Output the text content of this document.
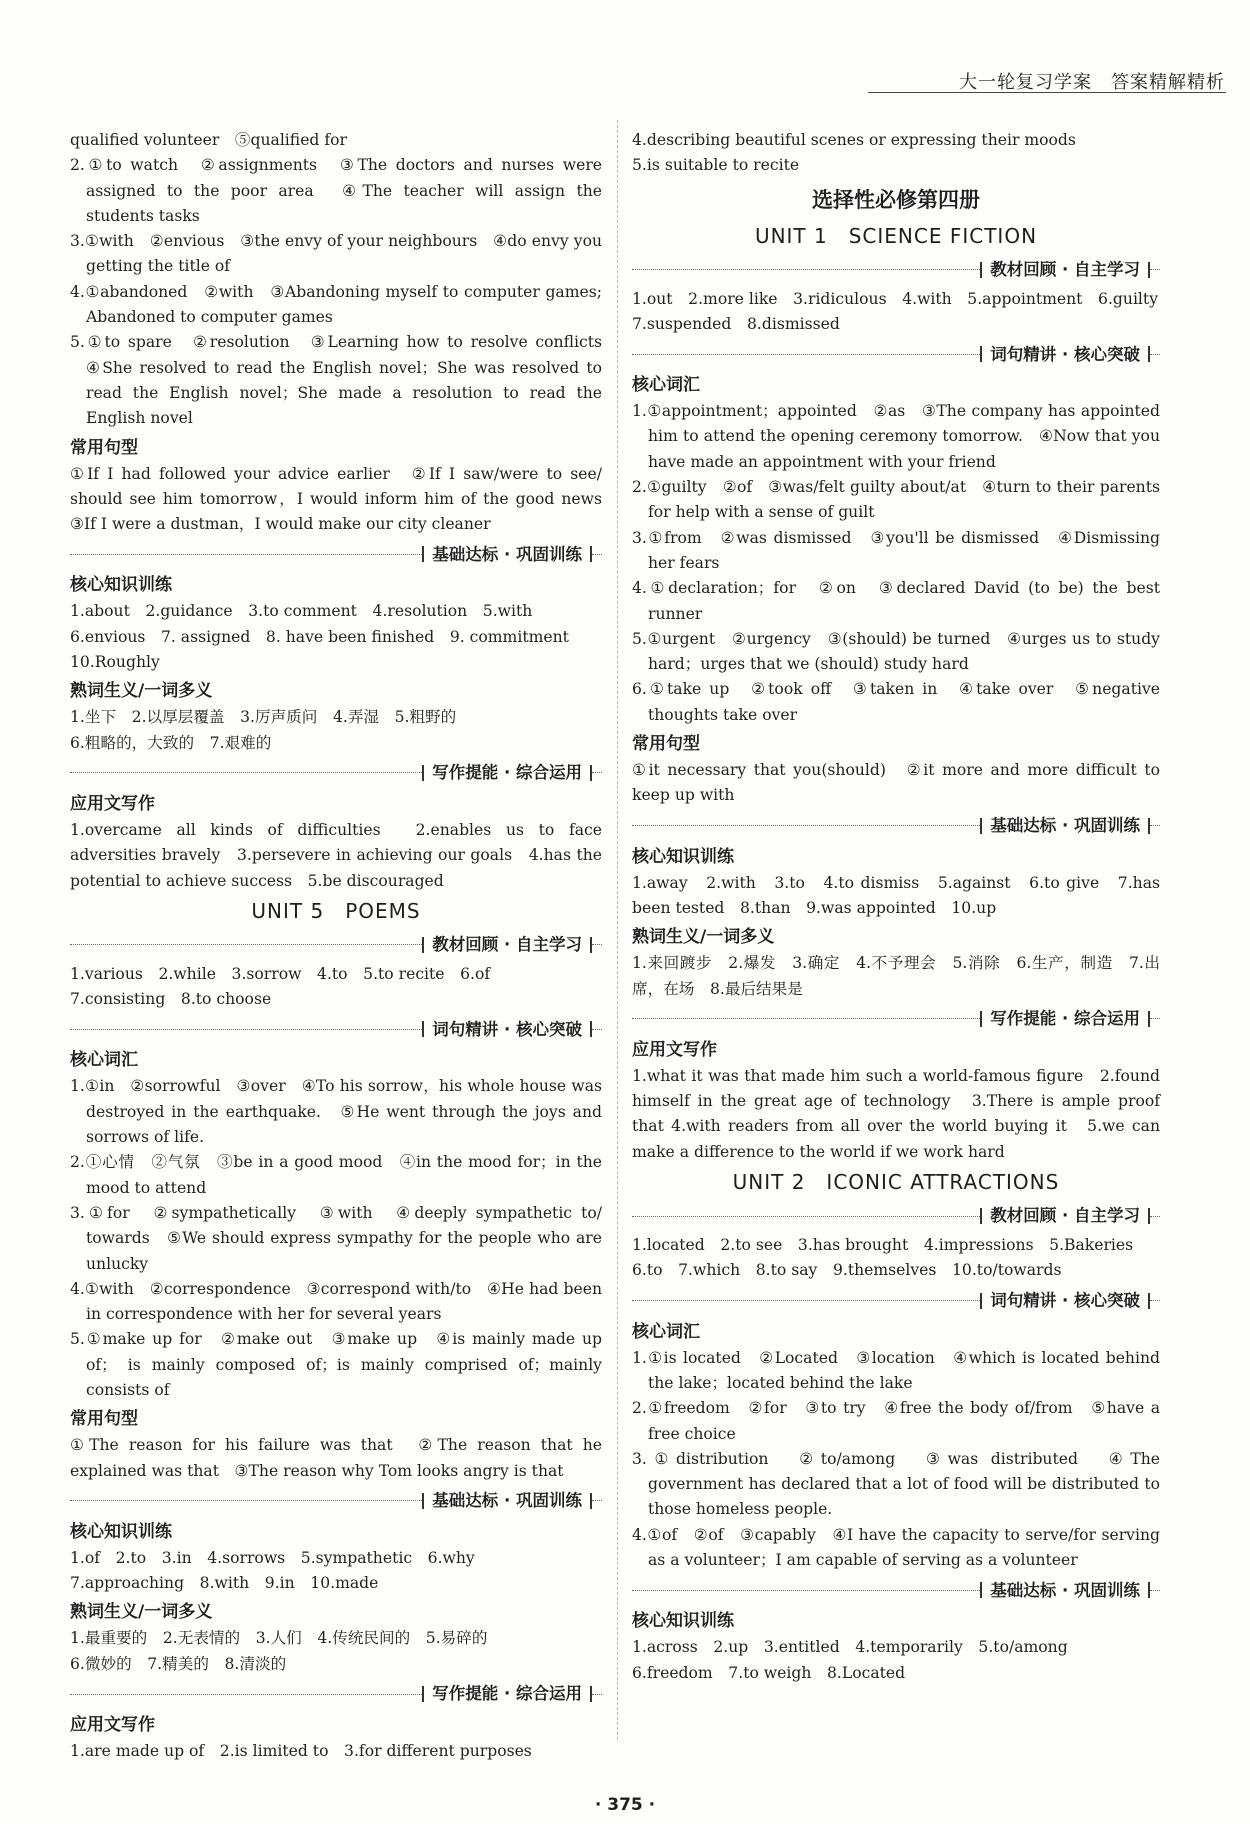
大一轮复习学案　答案精解精析
qualified volunteer　⑤qualified for
2.①to watch　②assignments　③The doctors and nurses were assigned to the poor area　④The teacher will assign the students tasks
3.①with　②envious　③the envy of your neighbours　④do envy you getting the title of
4.①abandoned　②with　③Abandoning myself to computer games; Abandoned to computer games
5.①to spare　②resolution　③Learning how to resolve conflicts　④She resolved to read the English novel；She was resolved to read the English novel；She made a resolution to read the English novel
常用句型
①If I had followed your advice earlier　②If I saw/were to see/ should see him tomorrow，I would inform him of the good news　③If I were a dustman，I would make our city cleaner
基础达标 · 巩固训练
核心知识训练
1.about　2.guidance　3.to comment　4.resolution　5.with
6.envious　7. assigned　8. have been finished　9. commitment
10.Roughly
熟词生义/一词多义
1.坐下　2.以厚层覆盖　3.厉声质问　4.弄湿　5.粗野的
6.粗略的，大致的　7.艰难的
写作提能 · 综合运用
应用文写作
1.overcame all kinds of difficulties　2.enables us to face adversities bravely　3.persevere in achieving our goals　4.has the potential to achieve success　5.be discouraged
UNIT 5　POEMS
教材回顾 · 自主学习
1.various　2.while　3.sorrow　4.to　5.to recite　6.of
7.consisting　8.to choose
词句精讲 · 核心突破
核心词汇
1.①in　②sorrowful　③over　④To his sorrow，his whole house was destroyed in the earthquake.　⑤He went through the joys and sorrows of life.
2.①心情　②气氛　③be in a good mood　④in the mood for；in the mood to attend
3.①for　②sympathetically　③with　④deeply sympathetic to/ towards　⑤We should express sympathy for the people who are unlucky
4.①with　②correspondence　③correspond with/to　④He had been in correspondence with her for several years
5.①make up for　②make out　③make up　④is mainly made up of； is mainly composed of；is mainly comprised of；mainly consists of
常用句型
①The reason for his failure was that　②The reason that he explained was that　③The reason why Tom looks angry is that
基础达标 · 巩固训练
核心知识训练
1.of　2.to　3.in　4.sorrows　5.sympathetic　6.why
7.approaching　8.with　9.in　10.made
熟词生义/一词多义
1.最重要的　2.无表情的　3.人们　4.传统民间的　5.易碎的
6.微妙的　7.精美的　8.清淡的
写作提能 · 综合运用
应用文写作
1.are made up of　2.is limited to　3.for different purposes
4.describing beautiful scenes or expressing their moods
5.is suitable to recite
选择性必修第四册
UNIT 1　SCIENCE FICTION
教材回顾 · 自主学习
1.out　2.more like　3.ridiculous　4.with　5.appointment　6.guilty
7.suspended　8.dismissed
词句精讲 · 核心突破
核心词汇
1.①appointment；appointed　②as　③The company has appointed him to attend the opening ceremony tomorrow.　④Now that you have made an appointment with your friend
2.①guilty　②of　③was/felt guilty about/at　④turn to their parents for help with a sense of guilt
3.①from　②was dismissed　③you'll be dismissed　④Dismissing her fears
4.①declaration；for　②on　③declared David (to be) the best runner
5.①urgent　②urgency　③(should) be turned　④urges us to study hard；urges that we (should) study hard
6.①take up　②took off　③taken in　④take over　⑤negative thoughts take over
常用句型
①it necessary that you(should)　②it more and more difficult to keep up with
基础达标 · 巩固训练
核心知识训练
1.away　2.with　3.to　4.to dismiss　5.against　6.to give　7.has been tested　8.than　9.was appointed　10.up
熟词生义/一词多义
1.来回踱步　2.爆发　3.确定　4.不予理会　5.消除　6.生产，制造　7.出席，在场　8.最后结果是
写作提能 · 综合运用
应用文写作
1.what it was that made him such a world-famous figure　2.found himself in the great age of technology　3.There is ample proof that 4.with readers from all over the world buying it　5.we can make a difference to the world if we work hard
UNIT 2　ICONIC ATTRACTIONS
教材回顾 · 自主学习
1.located　2.to see　3.has brought　4.impressions　5.Bakeries
6.to　7.which　8.to say　9.themselves　10.to/towards
词句精讲 · 核心突破
核心词汇
1.①is located　②Located　③location　④which is located behind the lake；located behind the lake
2.①freedom　②for　③to try　④free the body of/from　⑤have a free choice
3.①distribution　②to/among　③was distributed　④The government has declared that a lot of food will be distributed to those homeless people.
4.①of　②of　③capably　④I have the capacity to serve/for serving as a volunteer；I am capable of serving as a volunteer
基础达标 · 巩固训练
核心知识训练
1.across　2.up　3.entitled　4.temporarily　5.to/among
6.freedom　7.to weigh　8.Located
· 375 ·
